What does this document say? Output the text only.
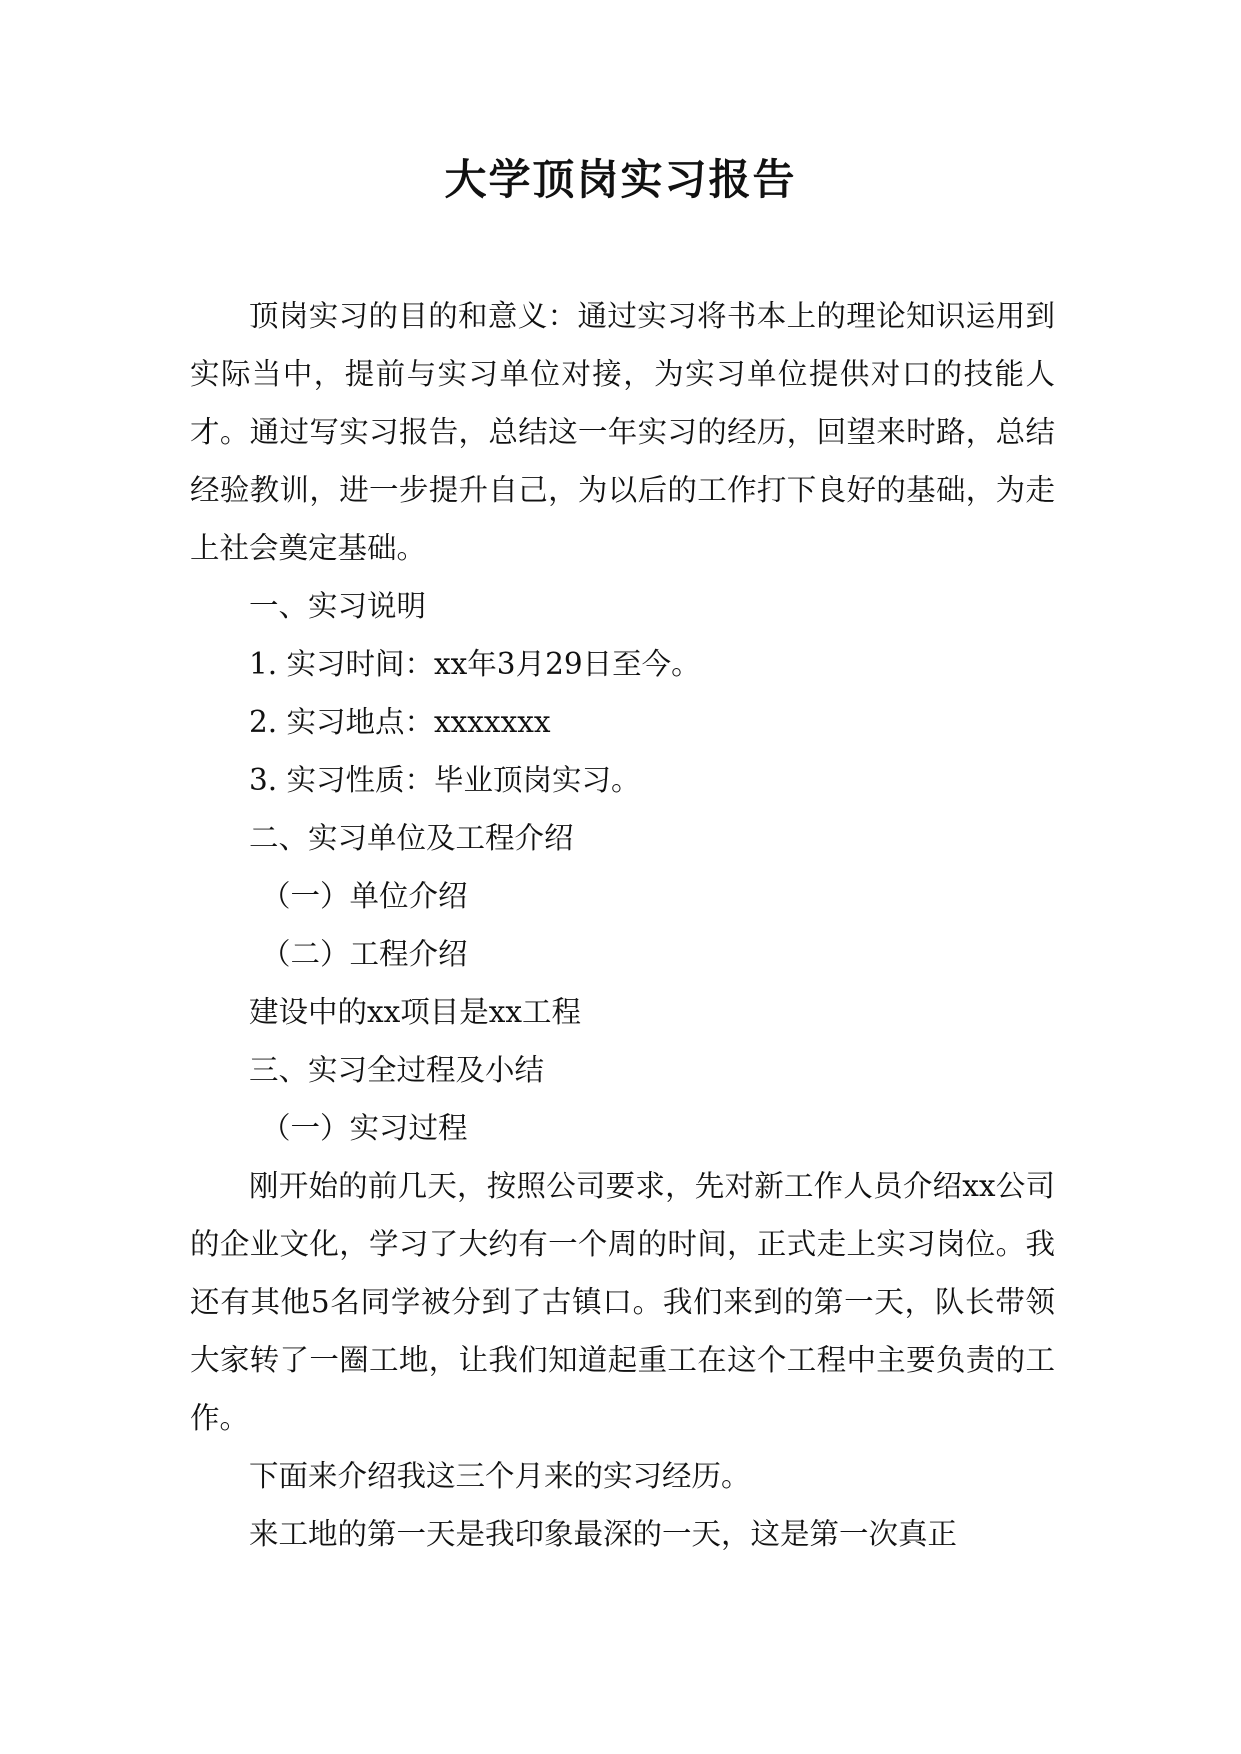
大学顶岗实习报告

顶岗实习的目的和意义：通过实习将书本上的理论知识运用到实际当中，提前与实习单位对接，为实习单位提供对口的技能人才。通过写实习报告，总结这一年实习的经历，回望来时路，总结经验教训，进一步提升自己，为以后的工作打下良好的基础，为走上社会奠定基础。

一、实习说明

1. 实习时间：xx年3月29日至今。

2. 实习地点：xxxxxxx

3. 实习性质：毕业顶岗实习。

二、实习单位及工程介绍

（一）单位介绍

（二）工程介绍

建设中的xx项目是xx工程

三、实习全过程及小结

（一）实习过程

刚开始的前几天，按照公司要求，先对新工作人员介绍xx公司的企业文化，学习了大约有一个周的时间，正式走上实习岗位。我还有其他5名同学被分到了古镇口。我们来到的第一天，队长带领大家转了一圈工地，让我们知道起重工在这个工程中主要负责的工作。

下面来介绍我这三个月来的实习经历。

来工地的第一天是我印象最深的一天，这是第一次真正
